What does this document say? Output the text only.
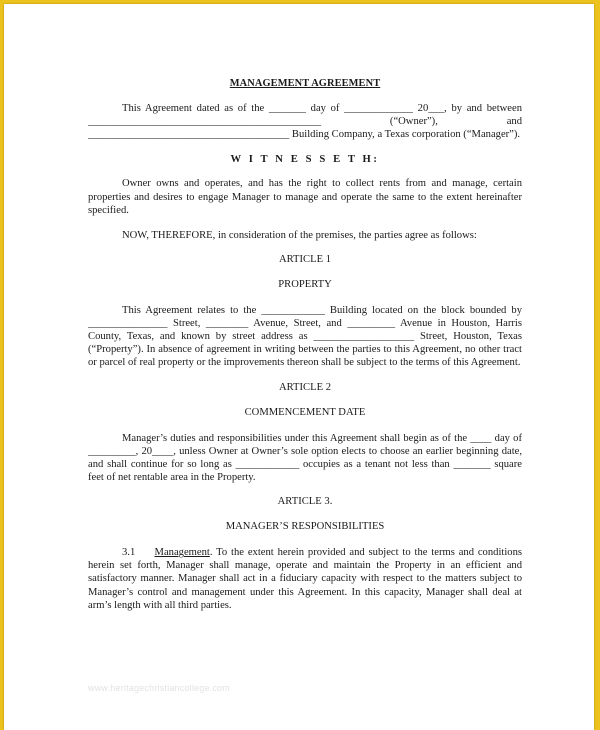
MANAGEMENT AGREEMENT
This Agreement dated as of the _______ day of _____________ 20___, by and between ____________________________________________ (“Owner”), and ______________________________________ Building Company, a Texas corporation (“Manager”).
W I T N E S S E T H:
Owner owns and operates, and has the right to collect rents from and manage, certain properties and desires to engage Manager to manage and operate the same to the extent hereinafter specified.
NOW, THEREFORE, in consideration of the premises, the parties agree as follows:
ARTICLE 1
PROPERTY
This Agreement relates to the ____________ Building located on the block bounded by _______________ Street, ________ Avenue, Street, and _________ Avenue in Houston, Harris County, Texas, and known by street address as ___________________ Street, Houston, Texas (“Property”). In absence of agreement in writing between the parties to this Agreement, no other tract or parcel of real property or the improvements thereon shall be subject to the terms of this Agreement.
ARTICLE 2
COMMENCEMENT DATE
Manager’s duties and responsibilities under this Agreement shall begin as of the ____ day of _________, 20____, unless Owner at Owner’s sole option elects to choose an earlier beginning date, and shall continue for so long as ____________ occupies as a tenant not less than _______ square feet of net rentable area in the Property.
ARTICLE 3.
MANAGER’S RESPONSIBILITIES
3.1 Management. To the extent herein provided and subject to the terms and conditions herein set forth, Manager shall manage, operate and maintain the Property in an efficient and satisfactory manner. Manager shall act in a fiduciary capacity with respect to the matters subject to Manager’s control and management under this Agreement. In this capacity, Manager shall deal at arm’s length with all third parties.
www.heritagechristiancollege.com
